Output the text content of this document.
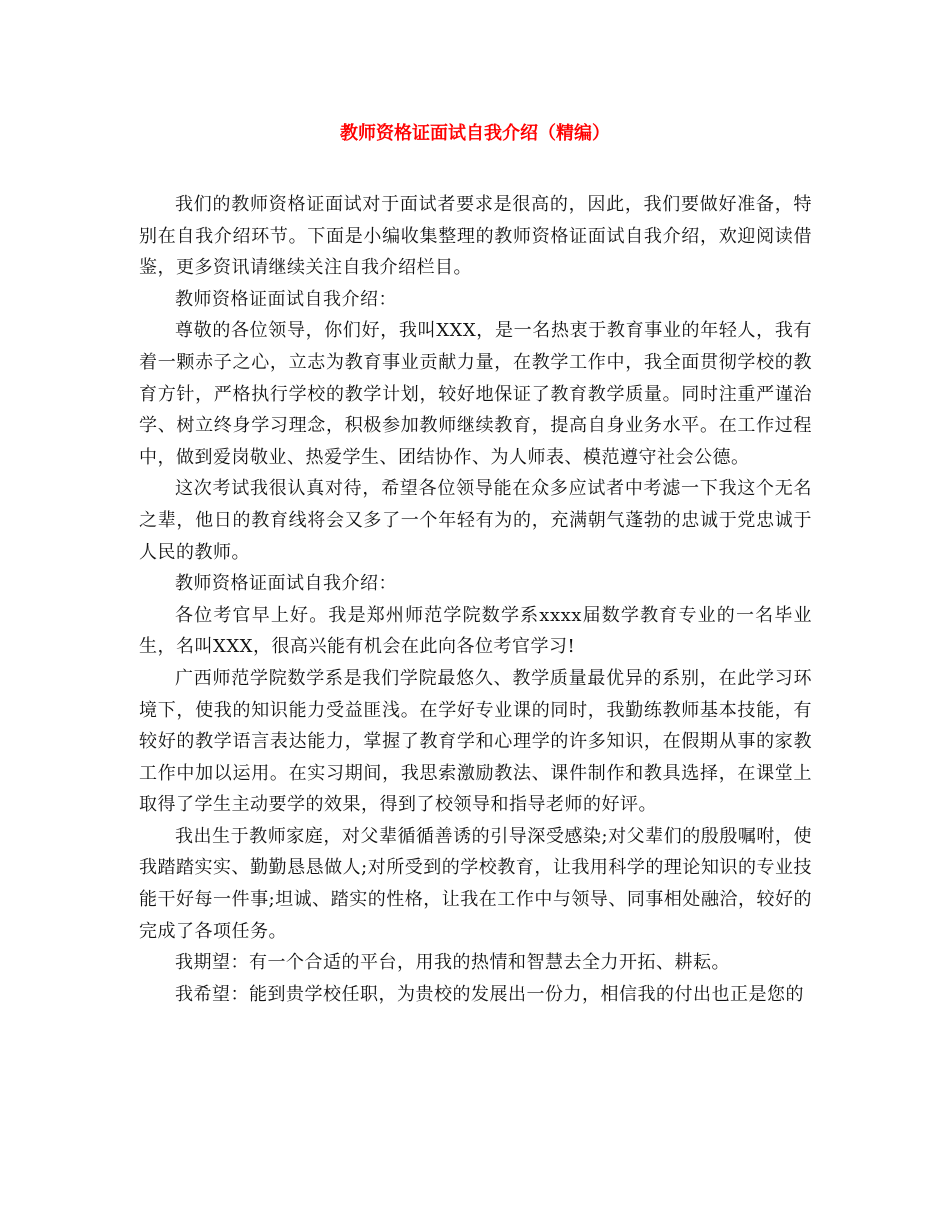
教师资格证面试自我介绍（精编）

我们的教师资格证面试对于面试者要求是很高的，因此，我们要做好准备，特别在自我介绍环节。下面是小编收集整理的教师资格证面试自我介绍，欢迎阅读借鉴，更多资讯请继续关注自我介绍栏目。

教师资格证面试自我介绍：

尊敬的各位领导，你们好，我叫XXX，是一名热衷于教育事业的年轻人，我有着一颗赤子之心，立志为教育事业贡献力量，在教学工作中，我全面贯彻学校的教育方针，严格执行学校的教学计划，较好地保证了教育教学质量。同时注重严谨治学、树立终身学习理念，积极参加教师继续教育，提高自身业务水平。在工作过程中，做到爱岗敬业、热爱学生、团结协作、为人师表、模范遵守社会公德。

这次考试我很认真对待，希望各位领导能在众多应试者中考滤一下我这个无名之辈，他日的教育线将会又多了一个年轻有为的，充满朝气蓬勃的忠诚于党忠诚于人民的教师。

教师资格证面试自我介绍：

各位考官早上好。我是郑州师范学院数学系xxxx届数学教育专业的一名毕业生，名叫XXX，很高兴能有机会在此向各位考官学习!

广西师范学院数学系是我们学院最悠久、教学质量最优异的系别，在此学习环境下，使我的知识能力受益匪浅。在学好专业课的同时，我勤练教师基本技能，有较好的教学语言表达能力，掌握了教育学和心理学的许多知识，在假期从事的家教工作中加以运用。在实习期间，我思索激励教法、课件制作和教具选择，在课堂上取得了学生主动要学的效果，得到了校领导和指导老师的好评。

我出生于教师家庭，对父辈循循善诱的引导深受感染;对父辈们的殷殷嘱咐，使我踏踏实实、勤勤恳恳做人;对所受到的学校教育，让我用科学的理论知识的专业技能干好每一件事;坦诚、踏实的性格，让我在工作中与领导、同事相处融洽，较好的完成了各项任务。

我期望：有一个合适的平台，用我的热情和智慧去全力开拓、耕耘。

我希望：能到贵学校任职，为贵校的发展出一份力，相信我的付出也正是您的
